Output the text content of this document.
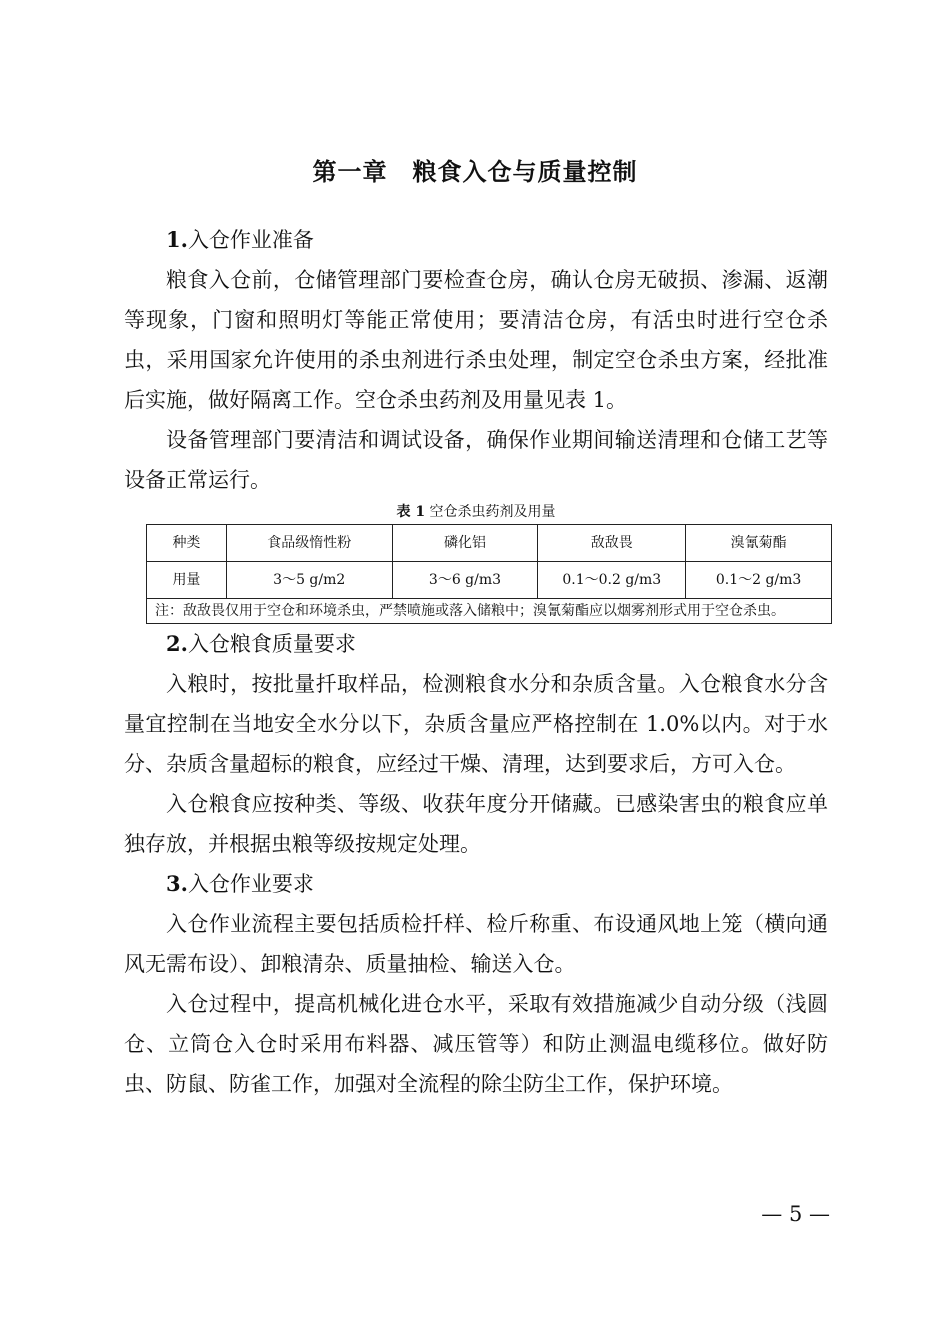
第一章　粮食入仓与质量控制

1.入仓作业准备

粮食入仓前，仓储管理部门要检查仓房，确认仓房无破损、渗漏、返潮等现象，门窗和照明灯等能正常使用；要清洁仓房，有活虫时进行空仓杀虫，采用国家允许使用的杀虫剂进行杀虫处理，制定空仓杀虫方案，经批准后实施，做好隔离工作。空仓杀虫药剂及用量见表 1。

设备管理部门要清洁和调试设备，确保作业期间输送清理和仓储工艺等设备正常运行。

表 1 空仓杀虫药剂及用量
种类	食品级惰性粉	磷化铝	敌敌畏	溴氰菊酯
用量	3～5 g/m2	3～6 g/m3	0.1～0.2 g/m3	0.1～2 g/m3
注：敌敌畏仅用于空仓和环境杀虫，严禁喷施或落入储粮中；溴氰菊酯应以烟雾剂形式用于空仓杀虫。				

2.入仓粮食质量要求

入粮时，按批量扦取样品，检测粮食水分和杂质含量。入仓粮食水分含量宜控制在当地安全水分以下，杂质含量应严格控制在 1.0%以内。对于水分、杂质含量超标的粮食，应经过干燥、清理，达到要求后，方可入仓。

入仓粮食应按种类、等级、收获年度分开储藏。已感染害虫的粮食应单独存放，并根据虫粮等级按规定处理。

3.入仓作业要求

入仓作业流程主要包括质检扦样、检斤称重、布设通风地上笼（横向通风无需布设）、卸粮清杂、质量抽检、输送入仓。

入仓过程中，提高机械化进仓水平，采取有效措施减少自动分级（浅圆仓、立筒仓入仓时采用布料器、减压管等）和防止测温电缆移位。做好防虫、防鼠、防雀工作，加强对全流程的除尘防尘工作，保护环境。

— 5 —
